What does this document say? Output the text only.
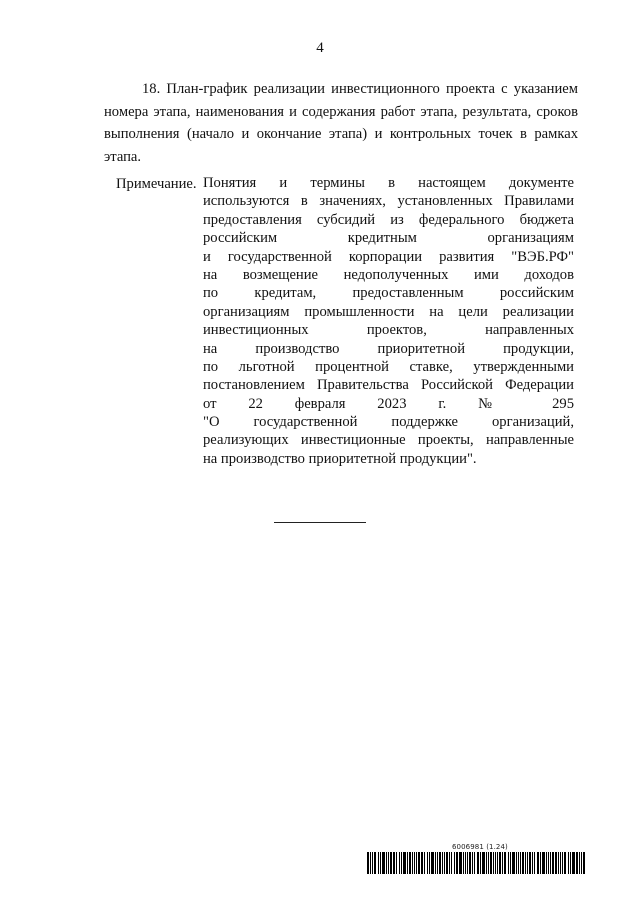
4

18. План-график реализации инвестиционного проекта с указанием номера этапа, наименования и содержания работ этапа, результата, сроков выполнения (начало и окончание этапа) и контрольных точек в рамках этапа.

Примечание. Понятия и термины в настоящем документе
используются в значениях, установленных Правилами
предоставления субсидий из федерального бюджета
российским кредитным организациям
и государственной корпорации развития "ВЭБ.РФ"
на возмещение недополученных ими доходов
по кредитам, предоставленным российским
организациям промышленности на цели реализации
инвестиционных проектов, направленных
на производство приоритетной продукции,
по льготной процентной ставке, утвержденными
постановлением Правительства Российской Федерации
от 22 февраля 2023 г. № 295
"О государственной поддержке организаций,
реализующих инвестиционные проекты, направленные
на производство приоритетной продукции".
6006981 (1.24)
